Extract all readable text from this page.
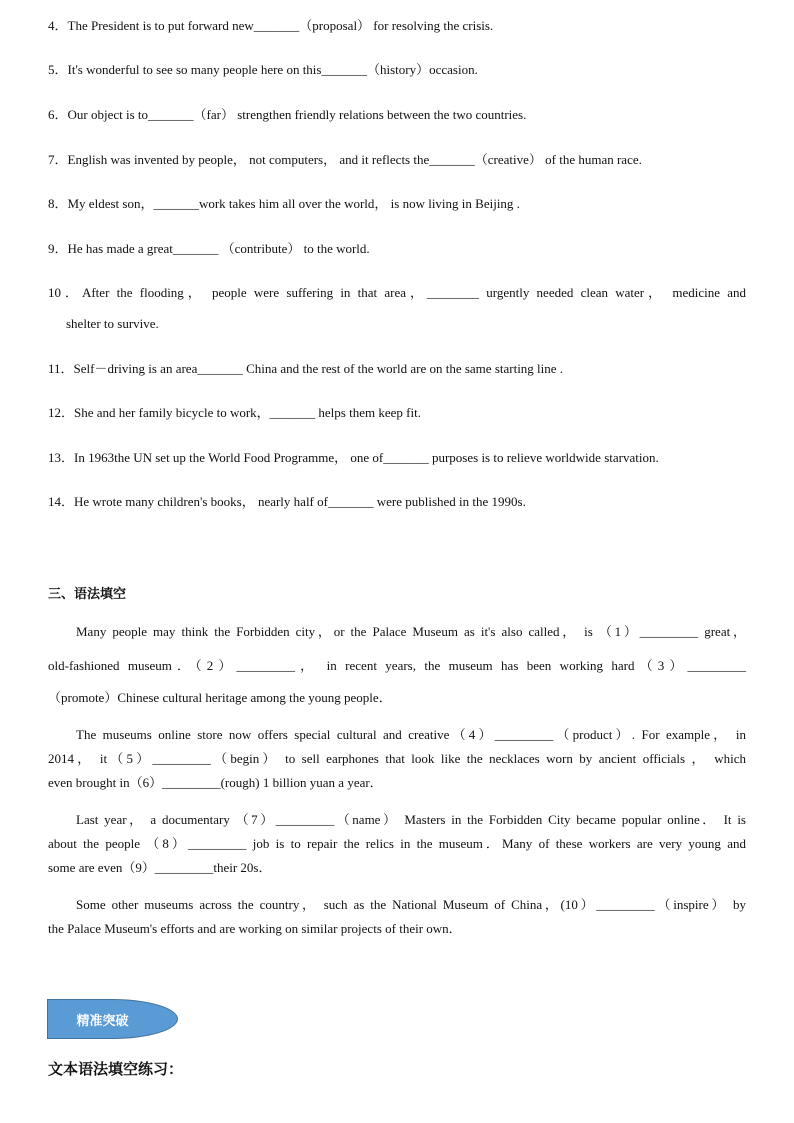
4．The President is to put forward new_______（proposal） for resolving the crisis.
5．It's wonderful to see so many people here on this_______（history）occasion.
6．Our object is to_______（far） strengthen friendly relations between the two countries.
7．English was invented by people， not computers， and it reflects the_______（creative） of the human race.
8．My eldest son，_______work takes him all over the world， is now living in Beijing .
9．He has made a great_______ （contribute） to the world.
10．After the flooding， people were suffering in that area，________ urgently needed clean water， medicine and
shelter to survive.
11．Self－driving is an area_______ China and the rest of the world are on the same starting line .
12．She and her family bicycle to work，_______ helps them keep fit.
13．In 1963the UN set up the World Food Programme， one of_______ purposes is to relieve worldwide starvation.
14．He wrote many children's books， nearly half of_______ were published in the 1990s.
三、语法填空
Many people may think the Forbidden city，or the Palace Museum as it's also called， is （1）_________ great，
old-fashioned museum．（2）_________， in recent years, the museum has been working hard（3）_________
（promote）Chinese cultural heritage among the young people．
The museums online store now offers special cultural and creative（4）_________（product）. For example， in
2014， it（5）_________（begin） to sell earphones that look like the necklaces worn by ancient officials ， which
even brought in（6）_________(rough) 1 billion yuan a year．
Last year， a documentary （7）_________（name） Masters in the Forbidden City became popular online． It is
about the people （8）_________ job is to repair the relics in the museum．Many of these workers are very young and
some are even（9）_________their 20s．
Some other museums across the country， such as the National Museum of China，(10）_________（inspire） by
the Palace Museum's efforts and are working on similar projects of their own．
精准突破
文本语法填空练习：
